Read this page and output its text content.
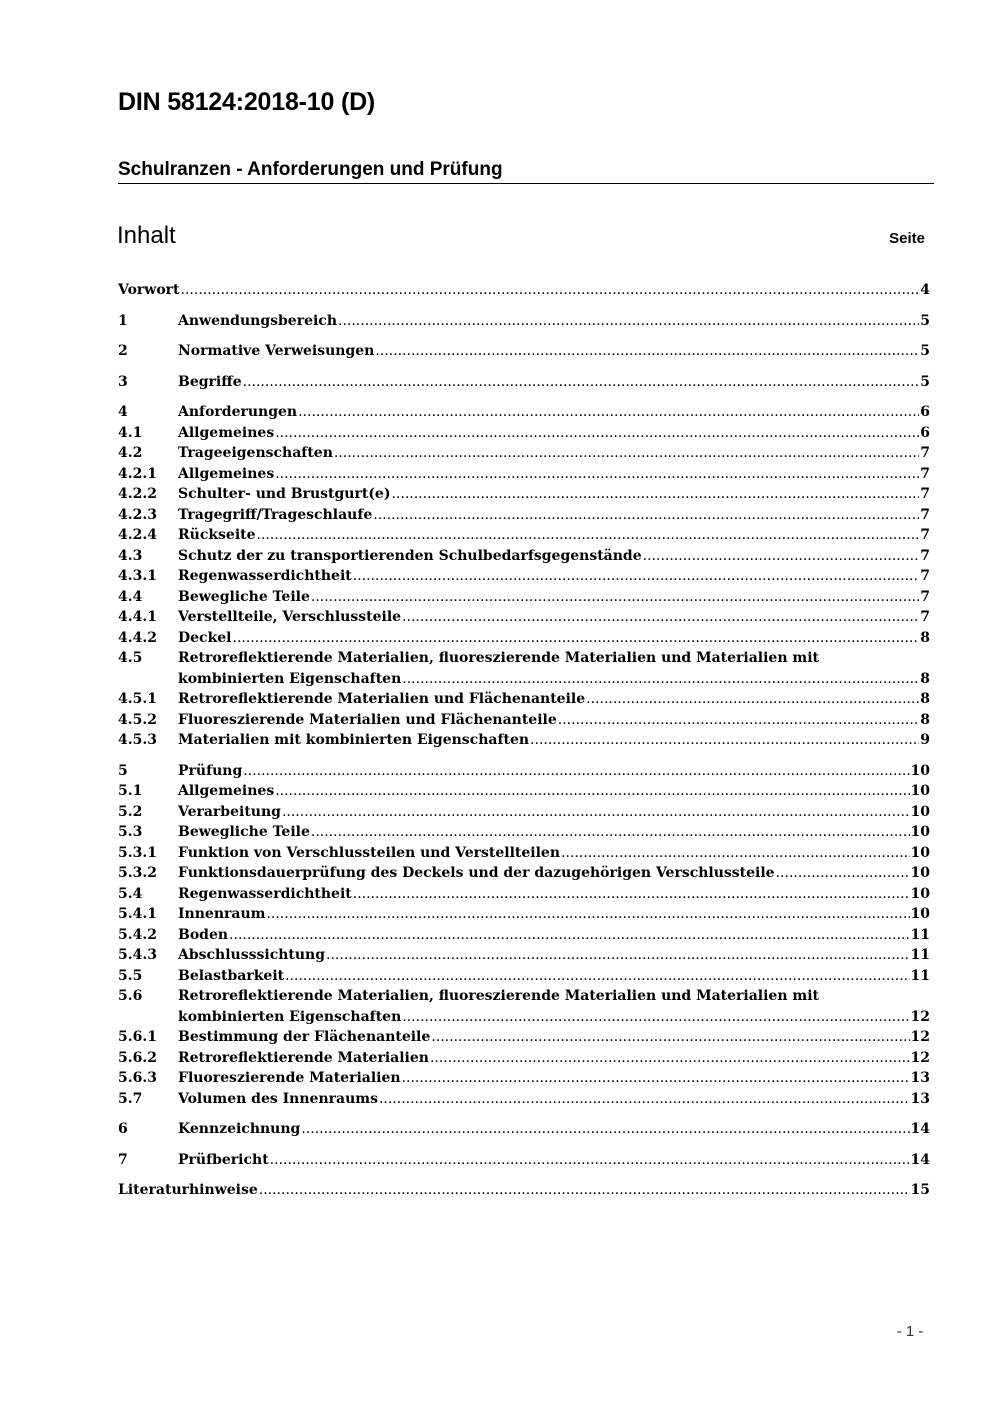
DIN 58124:2018-10 (D)
Schulranzen - Anforderungen und Prüfung
Inhalt	Seite
Vorwort .....	4
1	Anwendungsbereich .....	5
2	Normative Verweisungen .....	5
3	Begriffe .....	5
4	Anforderungen .....	6
4.1	Allgemeines .....	6
4.2	Trageeigenschaften .....	7
4.2.1	Allgemeines .....	7
4.2.2	Schulter- und Brustgurt(e) .....	7
4.2.3	Tragegriff/Trageschlaufe .....	7
4.2.4	Rückseite .....	7
4.3	Schutz der zu transportierenden Schulbedarfsgegenstände .....	7
4.3.1	Regenwasserdichtheit .....	7
4.4	Bewegliche Teile .....	7
4.4.1	Verstellteile, Verschlussteile .....	7
4.4.2	Deckel .....	8
4.5	Retroreflektierende Materialien, fluoreszierende Materialien und Materialien mit
kombinierten Eigenschaften .....	8
4.5.1	Retroreflektierende Materialien und Flächenanteile .....	8
4.5.2	Fluoreszierende Materialien und Flächenanteile .....	8
4.5.3	Materialien mit kombinierten Eigenschaften .....	9
5	Prüfung .....	10
5.1	Allgemeines .....	10
5.2	Verarbeitung .....	10
5.3	Bewegliche Teile .....	10
5.3.1	Funktion von Verschlussteilen und Verstellteilen .....	10
5.3.2	Funktionsdauerprüfung des Deckels und der dazugehörigen Verschlussteile .....	10
5.4	Regenwasserdichtheit .....	10
5.4.1	Innenraum .....	10
5.4.2	Boden .....	11
5.4.3	Abschlusssichtung .....	11
5.5	Belastbarkeit .....	11
5.6	Retroreflektierende Materialien, fluoreszierende Materialien und Materialien mit
kombinierten Eigenschaften .....	12
5.6.1	Bestimmung der Flächenanteile .....	12
5.6.2	Retroreflektierende Materialien .....	12
5.6.3	Fluoreszierende Materialien .....	13
5.7	Volumen des Innenraums .....	13
6	Kennzeichnung .....	14
7	Prüfbericht .....	14
Literaturhinweise .....	15
- 1 -
